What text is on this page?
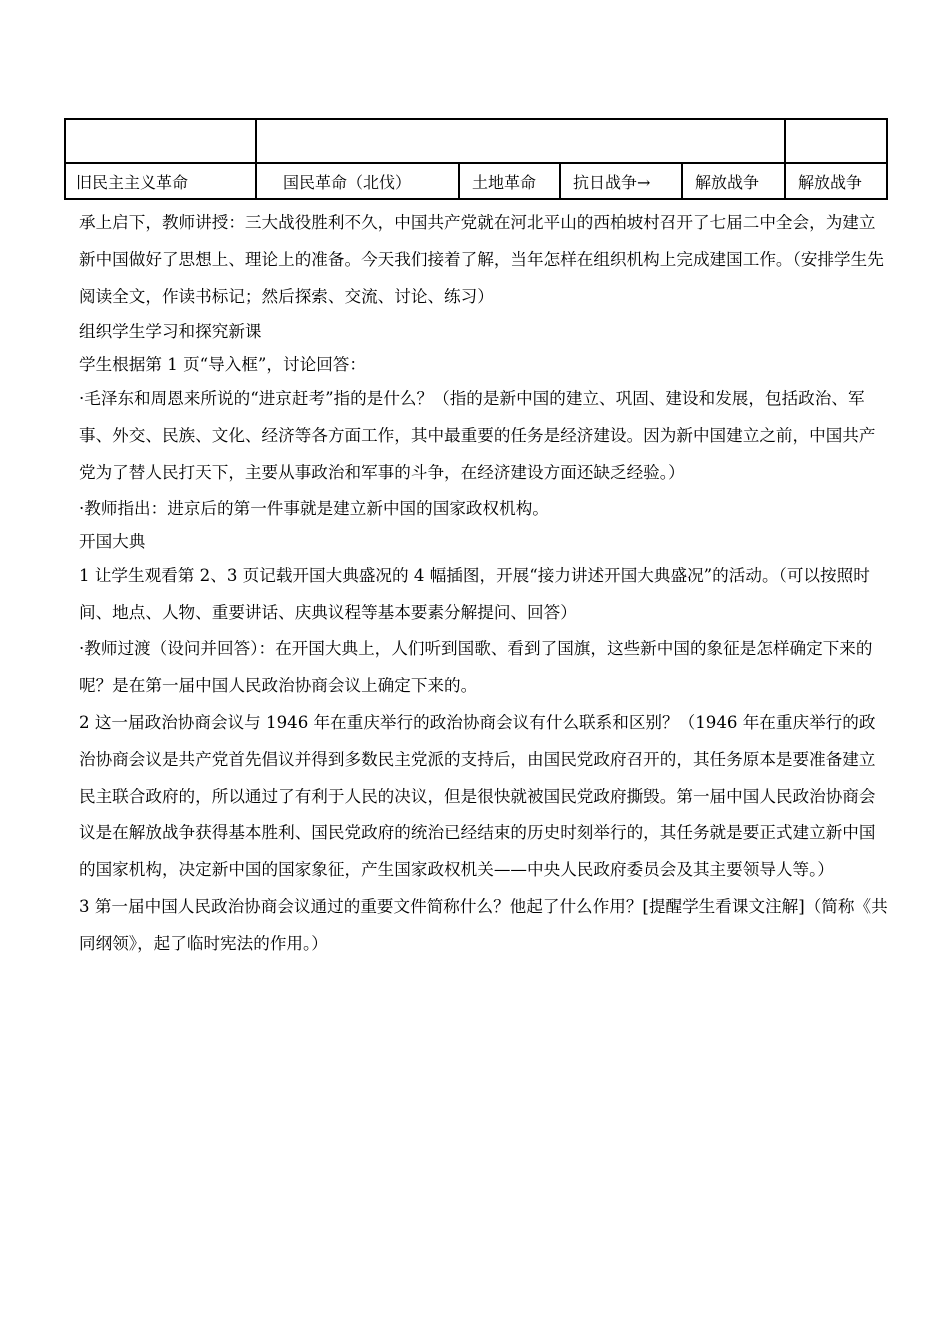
旧民主主义革命	国民革命（北伐）	土地革命	抗日战争→	解放战争	解放战争

承上启下，教师讲授：三大战役胜利不久，中国共产党就在河北平山的西柏坡村召开了七届二中全会，为建立新中国做好了思想上、理论上的准备。今天我们接着了解，当年怎样在组织机构上完成建国工作。（安排学生先阅读全文，作读书标记；然后探索、交流、讨论、练习）

组织学生学习和探究新课

学生根据第 1 页“导入框”，讨论回答：

·毛泽东和周恩来所说的“进京赶考”指的是什么？（指的是新中国的建立、巩固、建设和发展，包括政治、军事、外交、民族、文化、经济等各方面工作，其中最重要的任务是经济建设。因为新中国建立之前，中国共产党为了替人民打天下，主要从事政治和军事的斗争，在经济建设方面还缺乏经验。）

·教师指出：进京后的第一件事就是建立新中国的国家政权机构。

开国大典

1 让学生观看第 2、3 页记载开国大典盛况的 4 幅插图，开展“接力讲述开国大典盛况”的活动。（可以按照时间、地点、人物、重要讲话、庆典议程等基本要素分解提问、回答）

·教师过渡（设问并回答）：在开国大典上，人们听到国歌、看到了国旗，这些新中国的象征是怎样确定下来的呢？是在第一届中国人民政治协商会议上确定下来的。

2 这一届政治协商会议与 1946 年在重庆举行的政治协商会议有什么联系和区别？（1946 年在重庆举行的政治协商会议是共产党首先倡议并得到多数民主党派的支持后，由国民党政府召开的，其任务原本是要准备建立民主联合政府的，所以通过了有利于人民的决议，但是很快就被国民党政府撕毁。第一届中国人民政治协商会议是在解放战争获得基本胜利、国民党政府的统治已经结束的历史时刻举行的，其任务就是要正式建立新中国的国家机构，决定新中国的国家象征，产生国家政权机关——中央人民政府委员会及其主要领导人等。）

3 第一届中国人民政治协商会议通过的重要文件简称什么？他起了什么作用？[提醒学生看课文注解]（简称《共同纲领》，起了临时宪法的作用。）
